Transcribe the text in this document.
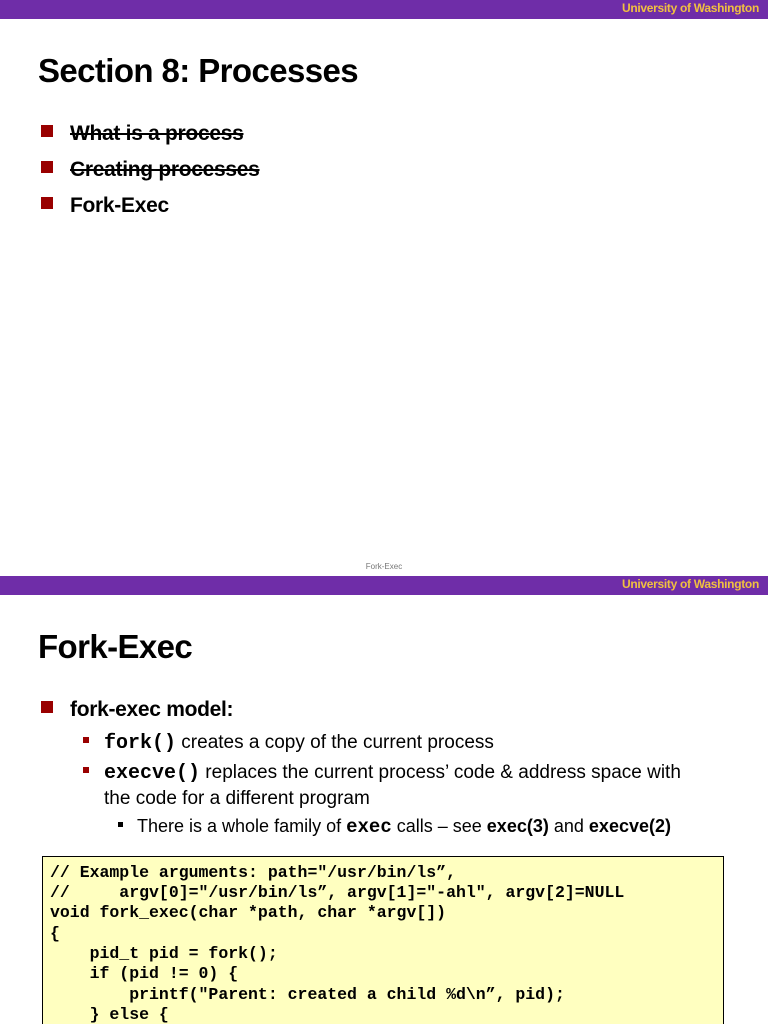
University of Washington
Section 8: Processes
What is a process
Creating processes
Fork-Exec
Fork-Exec
University of Washington
Fork-Exec
fork-exec model:
fork() creates a copy of the current process
execve() replaces the current process’ code & address space with
the code for a different program
There is a whole family of exec calls – see exec(3) and execve(2)
// Example arguments: path="/usr/bin/ls”,
//     argv[0]="/usr/bin/ls”, argv[1]="-ahl", argv[2]=NULL
void fork_exec(char *path, char *argv[])
{
pid_t pid = fork();
if (pid != 0) {
printf("Parent: created a child %d\n”, pid);
} else {
